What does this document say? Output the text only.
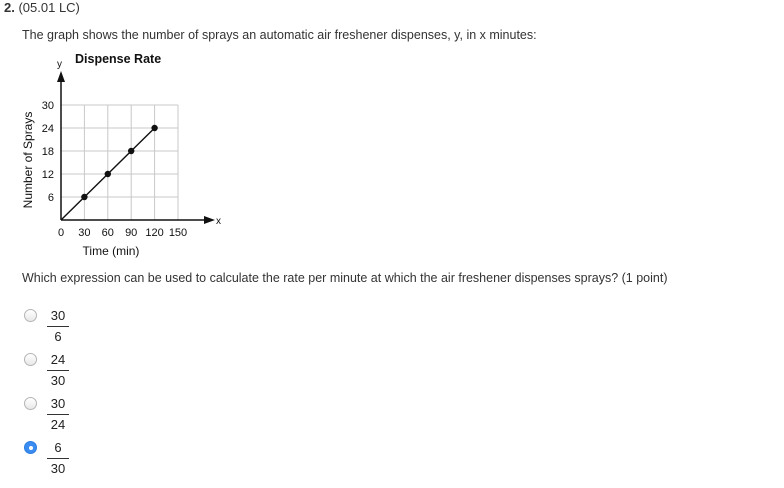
2. (05.01 LC)
The graph shows the number of sprays an automatic air freshener dispenses, y, in x minutes:
Dispense Rate
y
x
Number of Sprays
Time (min)
0 30 60 90 120 150
6
12
18
24
30
Which expression can be used to calculate the rate per minute at which the air freshener dispenses sprays? (1 point)
30
6
24
30
30
24
6
30
